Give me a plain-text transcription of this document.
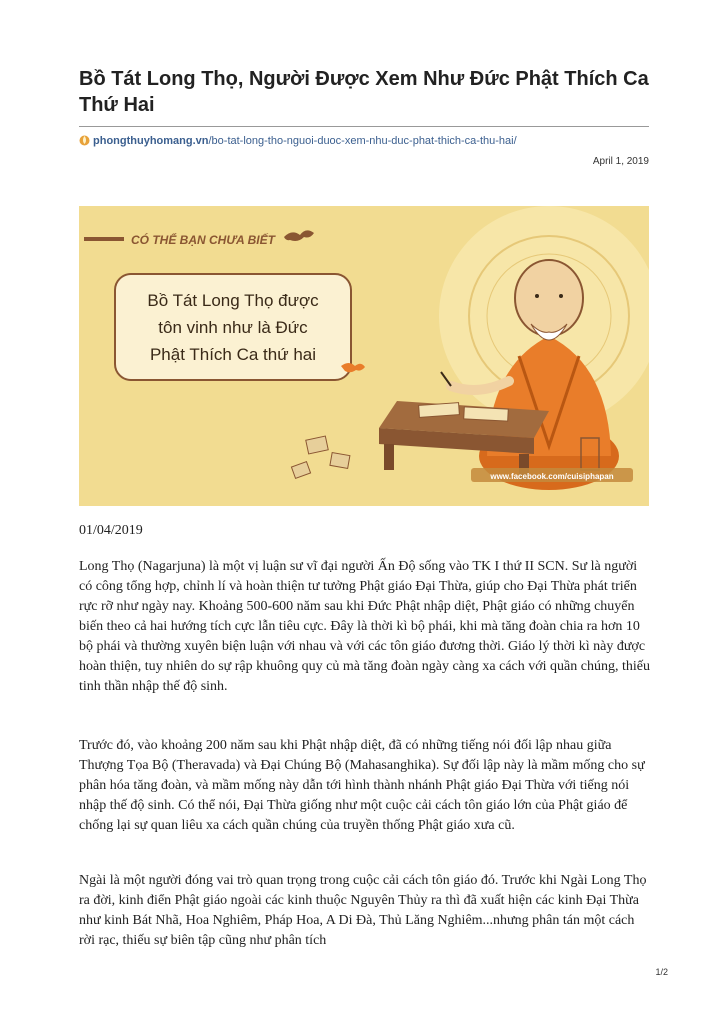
Bồ Tát Long Thọ, Người Được Xem Như Đức Phật Thích Ca Thứ Hai
phongthuyhomang.vn/bo-tat-long-tho-nguoi-duoc-xem-nhu-duc-phat-thich-ca-thu-hai/
April 1, 2019
CÓ THỂ BẠN CHƯA BIẾT
Bồ Tát Long Thọ được
tôn vinh như là Đức
Phật Thích Ca thứ hai
www.facebook.com/cuisiphapan

01/04/2019

Long Thọ (Nagarjuna) là một vị luận sư vĩ đại người Ấn Độ sống vào TK I thứ II SCN. Sư là người có công tổng hợp, chỉnh lí và hoàn thiện tư tưởng Phật giáo Đại Thừa, giúp cho Đại Thừa phát triển rực rỡ như ngày nay. Khoảng 500-600 năm sau khi Đức Phật nhập diệt, Phật giáo có những chuyển biến theo cả hai hướng tích cực lẫn tiêu cực. Đây là thời kì bộ phái, khi mà tăng đoàn chia ra hơn 10 bộ phái và thường xuyên biện luận với nhau và với các tôn giáo đương thời. Giáo lý thời kì này được hoàn thiện, tuy nhiên do sự rập khuông quy củ mà tăng đoàn ngày càng xa cách với quần chúng, thiếu tinh thần nhập thế độ sinh.

Trước đó, vào khoảng 200 năm sau khi Phật nhập diệt, đã có những tiếng nói đối lập nhau giữa Thượng Tọa Bộ (Theravada) và Đại Chúng Bộ (Mahasanghika). Sự đối lập này là mầm mống cho sự phân hóa tăng đoàn, và mầm mống này dẫn tới hình thành nhánh Phật giáo Đại Thừa với tiếng nói nhập thế độ sinh. Có thể nói, Đại Thừa giống như một cuộc cải cách tôn giáo lớn của Phật giáo để chống lại sự quan liêu xa cách quần chúng của truyền thống Phật giáo xưa cũ.

Ngài là một người đóng vai trò quan trọng trong cuộc cải cách tôn giáo đó. Trước khi Ngài Long Thọ ra đời, kinh điển Phật giáo ngoài các kinh thuộc Nguyên Thủy ra thì đã xuất hiện các kinh Đại Thừa như kinh Bát Nhã, Hoa Nghiêm, Pháp Hoa, A Di Đà, Thủ Lăng Nghiêm...nhưng phân tán một cách rời rạc, thiếu sự biên tập cũng như phân tích

1/2
